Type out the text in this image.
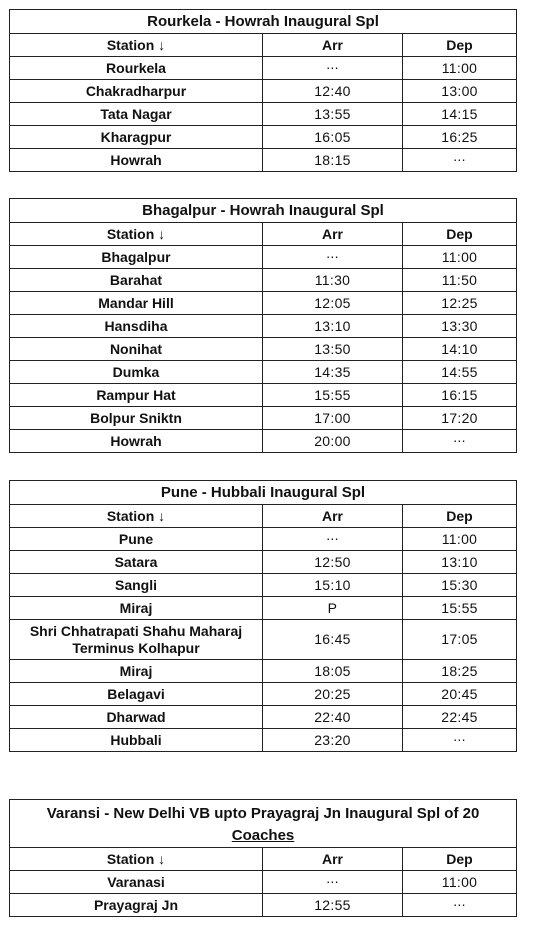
Rourkela - Howrah Inaugural Spl		
Station ↓	Arr	Dep
Rourkela	...	11:00
Chakradharpur	12:40	13:00
Tata Nagar	13:55	14:15
Kharagpur	16:05	16:25
Howrah	18:15	...
Bhagalpur - Howrah Inaugural Spl		
Station ↓	Arr	Dep
Bhagalpur	...	11:00
Barahat	11:30	11:50
Mandar Hill	12:05	12:25
Hansdiha	13:10	13:30
Nonihat	13:50	14:10
Dumka	14:35	14:55
Rampur Hat	15:55	16:15
Bolpur Sniktn	17:00	17:20
Howrah	20:00	...
Pune - Hubbali Inaugural Spl		
Station ↓	Arr	Dep
Pune	...	11:00
Satara	12:50	13:10
Sangli	15:10	15:30
Miraj	P	15:55
Shri Chhatrapati Shahu Maharaj Terminus Kolhapur	16:45	17:05
Miraj	18:05	18:25
Belagavi	20:25	20:45
Dharwad	22:40	22:45
Hubbali	23:20	...
Varansi - New Delhi VB upto Prayagraj Jn Inaugural Spl of 20
Coaches		
Station ↓	Arr	Dep
Varanasi	...	11:00
Prayagraj Jn	12:55	...
